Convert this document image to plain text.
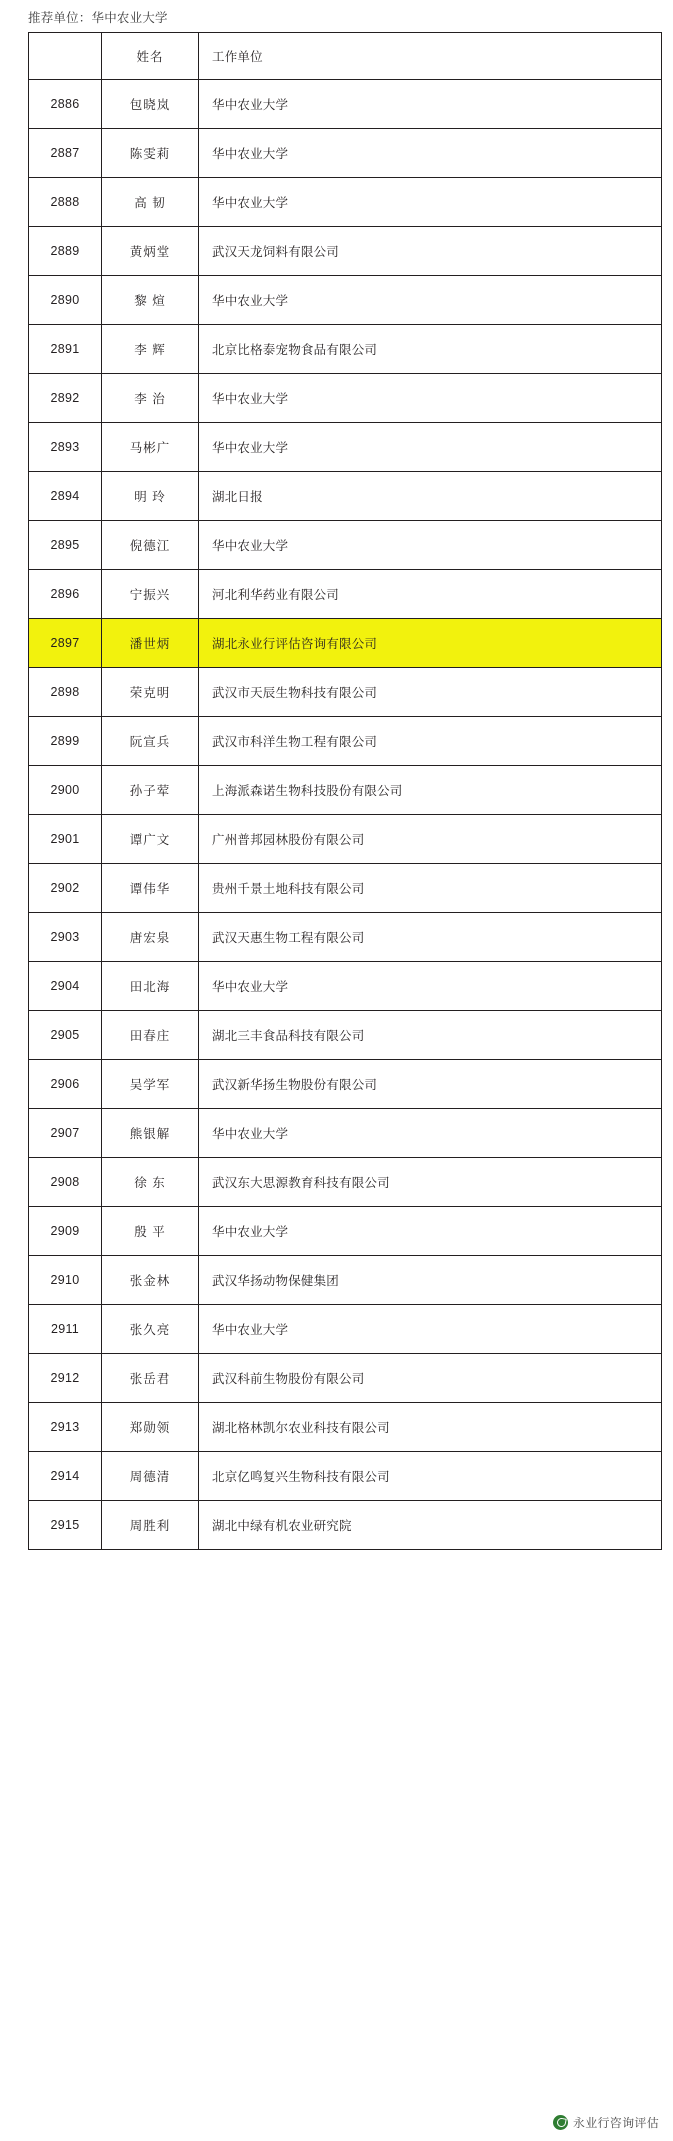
推荐单位：华中农业大学
	姓名	工作单位
2886	包晓岚	华中农业大学
2887	陈雯莉	华中农业大学
2888	高 韧	华中农业大学
2889	黄炳堂	武汉天龙饲料有限公司
2890	黎 煊	华中农业大学
2891	李 辉	北京比格泰宠物食品有限公司
2892	李 治	华中农业大学
2893	马彬广	华中农业大学
2894	明 玲	湖北日报
2895	倪德江	华中农业大学
2896	宁振兴	河北利华药业有限公司
2897	潘世炳	湖北永业行评估咨询有限公司
2898	荣克明	武汉市天辰生物科技有限公司
2899	阮宣兵	武汉市科洋生物工程有限公司
2900	孙子荤	上海派森诺生物科技股份有限公司
2901	谭广文	广州普邦园林股份有限公司
2902	谭伟华	贵州千景土地科技有限公司
2903	唐宏泉	武汉天惠生物工程有限公司
2904	田北海	华中农业大学
2905	田春庄	湖北三丰食品科技有限公司
2906	吴学军	武汉新华扬生物股份有限公司
2907	熊银解	华中农业大学
2908	徐 东	武汉东大思源教育科技有限公司
2909	殷 平	华中农业大学
2910	张金林	武汉华扬动物保健集团
2911	张久亮	华中农业大学
2912	张岳君	武汉科前生物股份有限公司
2913	郑勋领	湖北格林凯尔农业科技有限公司
2914	周德清	北京亿鸣复兴生物科技有限公司
2915	周胜利	湖北中绿有机农业研究院
永业行咨询评估
